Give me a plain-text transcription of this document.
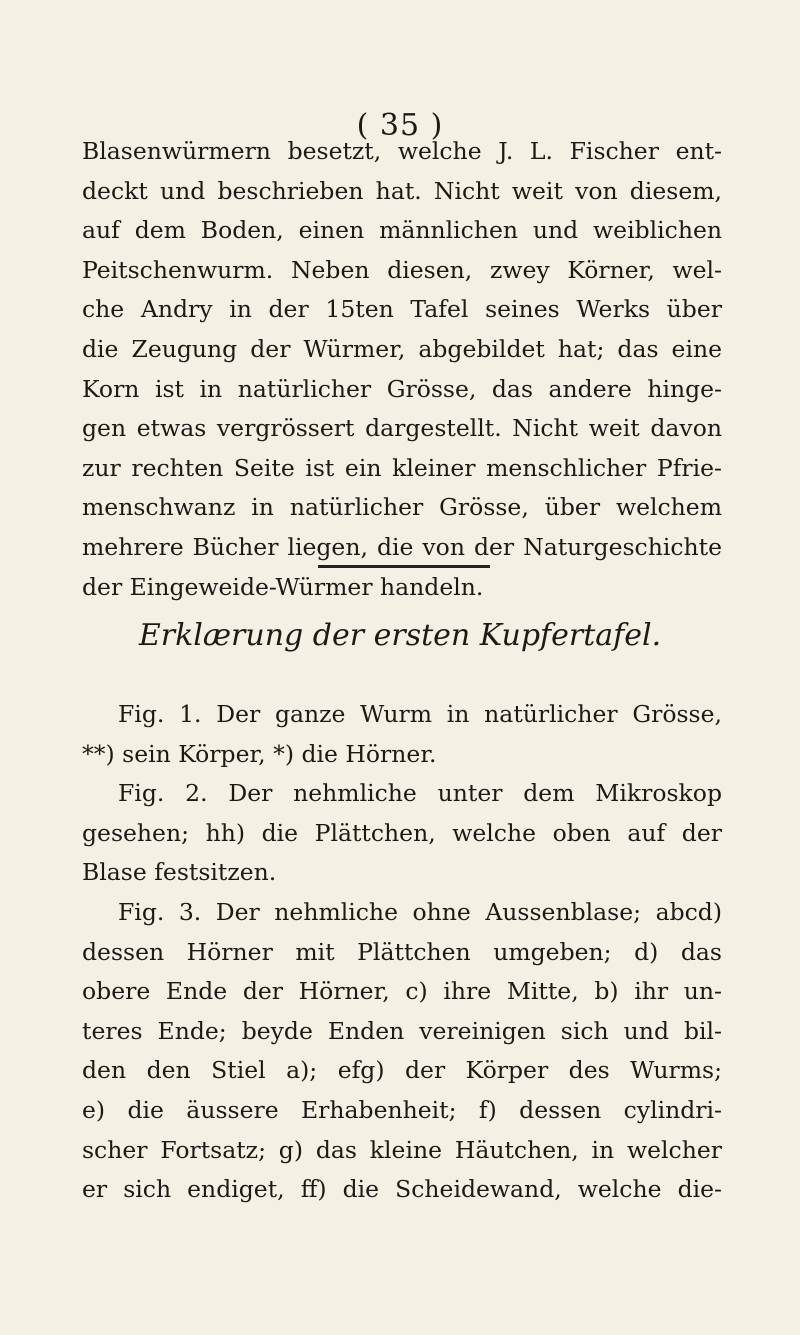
( 35 )
Blasenwürmern besetzt, welche J. L. Fischer ent-
deckt und beschrieben hat. Nicht weit von diesem,
auf dem Boden, einen männlichen und weiblichen
Peitschenwurm. Neben diesen, zwey Körner, wel-
che Andry in der 15ten Tafel seines Werks über
die Zeugung der Würmer, abgebildet hat; das eine
Korn ist in natürlicher Grösse, das andere hinge-
gen etwas vergrössert dargestellt. Nicht weit davon
zur rechten Seite ist ein kleiner menschlicher Pfrie-
menschwanz in natürlicher Grösse, über welchem
mehrere Bücher liegen, die von der Naturgeschichte
der Eingeweide-Würmer handeln.
Erklærung der ersten Kupfertafel.
Fig. 1. Der ganze Wurm in natürlicher Grösse,
**) sein Körper, *) die Hörner.
Fig. 2. Der nehmliche unter dem Mikroskop
gesehen; hh) die Plättchen, welche oben auf der
Blase festsitzen.
Fig. 3. Der nehmliche ohne Aussenblase; abcd)
dessen Hörner mit Plättchen umgeben; d) das
obere Ende der Hörner, c) ihre Mitte, b) ihr un-
teres Ende; beyde Enden vereinigen sich und bil-
den den Stiel a); efg) der Körper des Wurms;
e) die äussere Erhabenheit; f) dessen cylindri-
scher Fortsatz; g) das kleine Häutchen, in welcher
er sich endiget, ff) die Scheidewand, welche die-
